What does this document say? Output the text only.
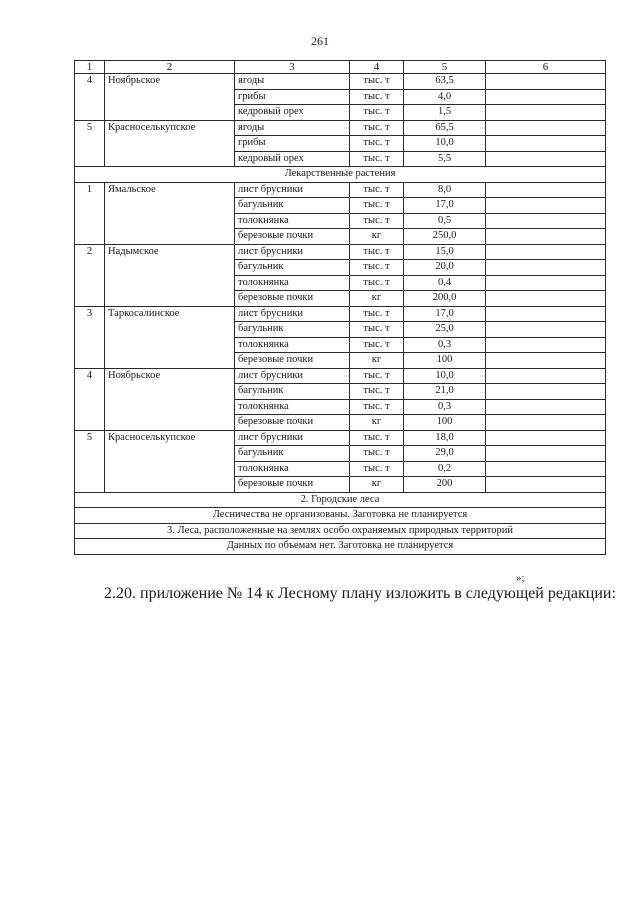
261
1	2	3	4	5	6
4	Ноябрьское	ягоды	тыс. т	63,5	
		грибы	тыс. т	4,0	
		кедровый орех	тыс. т	1,5	
5	Красноселькупское	ягоды	тыс. т	65,5	
		грибы	тыс. т	10,0	
		кедровый орех	тыс. т	5,5	
Лекарственные растения					
1	Ямальское	лист брусники	тыс. т	8,0	
		багульник	тыс. т	17,0	
		толокнянка	тыс. т	0,5	
		березовые почки	кг	250,0	
2	Надымское	лист брусники	тыс. т	15,0	
		багульник	тыс. т	20,0	
		толокнянка	тыс. т	0,4	
		березовые почки	кг	200,0	
3	Таркосалинское	лист брусники	тыс. т	17,0	
		багульник	тыс. т	25,0	
		толокнянка	тыс. т	0,3	
		березовые почки	кг	100	
4	Ноябрьское	лист брусники	тыс. т	10,0	
		багульник	тыс. т	21,0	
		толокнянка	тыс. т	0,3	
		березовые почки	кг	100	
5	Красноселькупское	лист брусники	тыс. т	18,0	
		багульник	тыс. т	29,0	
		толокнянка	тыс. т	0,2	
		березовые почки	кг	200	
2. Городские леса					
Лесничества не организованы. Заготовка не планируется					
3. Леса, расположенные на землях особо охраняемых природных территорий					
Данных по объемам нет. Заготовка не планируется					
»;
2.20. приложение № 14 к Лесному плану изложить в следующей редакции:
